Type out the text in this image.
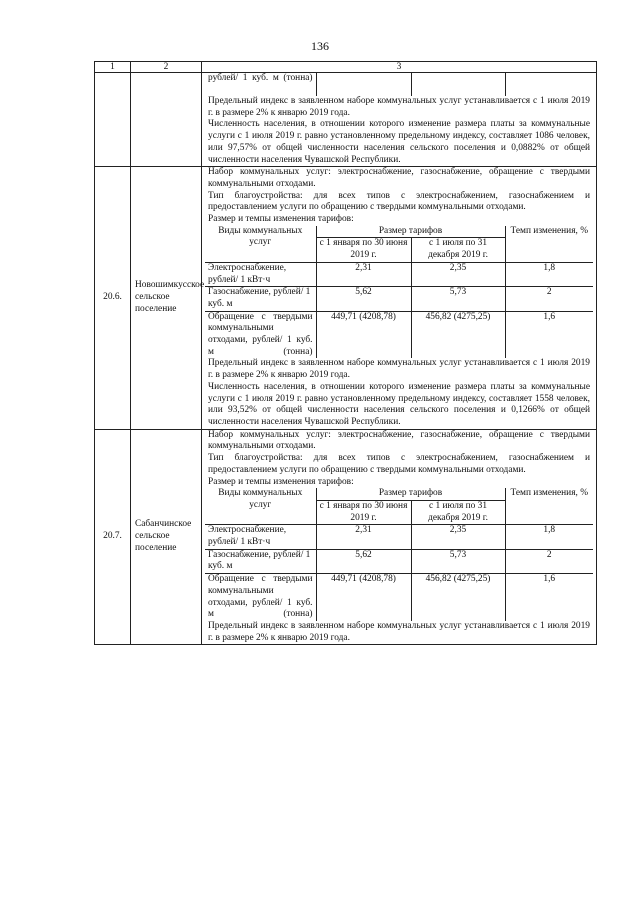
136
1	2	3

рублей/ 1 куб. м (тонна)			
Предельный индекс в заявленном наборе коммунальных услуг устанавливается с 1 июля 2019 г. в размере 2% к январю 2019 года.
Численность населения, в отношении которого изменение размера платы за коммунальные услуги с 1 июля 2019 г. равно установленному предельному индексу, составляет 1086 человек, или 97,57% от общей численности населения сельского поселения и 0,0882% от общей численности населения Чувашской Республики.

20.6.	Новошимкусское сельское поселение	
Набор коммунальных услуг: электроснабжение, газоснабжение, обращение с твердыми коммунальными отходами.
Тип благоустройства: для всех типов с электроснабжением, газоснабжением и предоставлением услуги по обращению с твердыми коммунальными отходами.
Размер и темпы изменения тарифов:
Виды коммунальных услуг	Размер тарифов	Темп изменения, %
с 1 января по 30 июня 2019 г.	с 1 июля по 31 декабря 2019 г.
Электроснабжение, рублей/ 1 кВт·ч	2,31	2,35	1,8
Газоснабжение, рублей/ 1 куб. м	5,62	5,73	2
Обращение с твердыми коммунальными отходами, рублей/ 1 куб. м (тонна)	449,71 (4208,78)	456,82 (4275,25)	1,6
Предельный индекс в заявленном наборе коммунальных услуг устанавливается с 1 июля 2019 г. в размере 2% к январю 2019 года.
Численность населения, в отношении которого изменение размера платы за коммунальные услуги с 1 июля 2019 г. равно установленному предельному индексу, составляет 1558 человек, или 93,52% от общей численности населения сельского поселения и 0,1266% от общей численности населения Чувашской Республики.

20.7.	Сабанчинское сельское поселение	
Набор коммунальных услуг: электроснабжение, газоснабжение, обращение с твердыми коммунальными отходами.
Тип благоустройства: для всех типов с электроснабжением, газоснабжением и предоставлением услуги по обращению с твердыми коммунальными отходами.
Размер и темпы изменения тарифов:
Виды коммунальных услуг	Размер тарифов	Темп изменения, %
с 1 января по 30 июня 2019 г.	с 1 июля по 31 декабря 2019 г.
Электроснабжение, рублей/ 1 кВт·ч	2,31	2,35	1,8
Газоснабжение, рублей/ 1 куб. м	5,62	5,73	2
Обращение с твердыми коммунальными отходами, рублей/ 1 куб. м (тонна)	449,71 (4208,78)	456,82 (4275,25)	1,6
Предельный индекс в заявленном наборе коммунальных услуг устанавливается с 1 июля 2019 г. в размере 2% к январю 2019 года.
